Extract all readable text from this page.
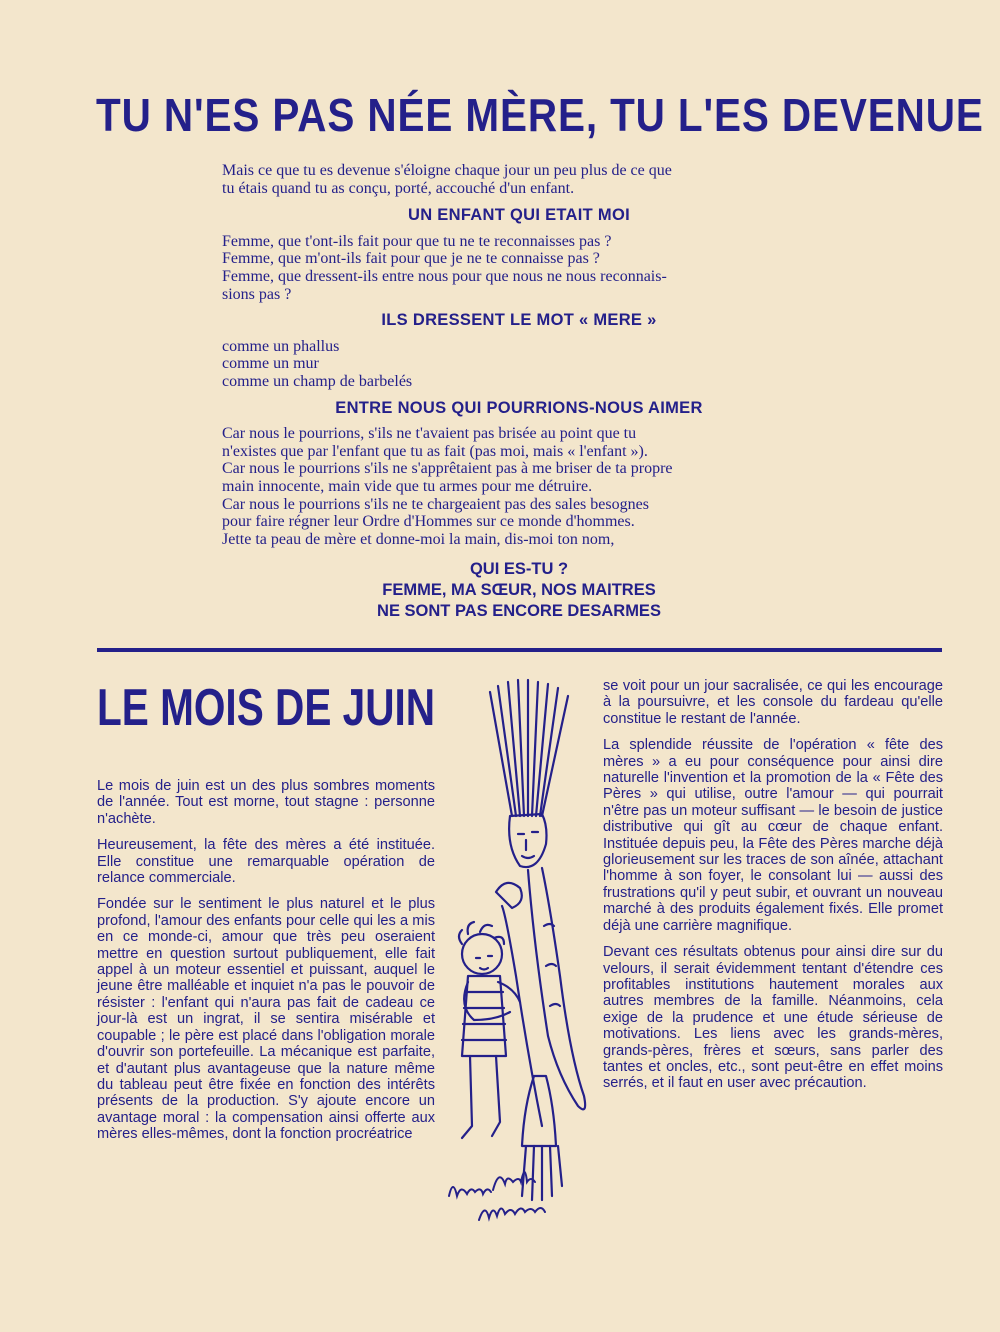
TU N'ES PAS NÉE MÈRE, TU L'ES DEVENUE

Mais ce que tu es devenue s'éloigne chaque jour un peu plus de ce que
tu étais quand tu as conçu, porté, accouché d'un enfant.

UN ENFANT QUI ETAIT MOI

Femme, que t'ont-ils fait pour que tu ne te reconnaisses pas ?
Femme, que m'ont-ils fait pour que je ne te connaisse pas ?
Femme, que dressent-ils entre nous pour que nous ne nous reconnais-
sions pas ?

ILS DRESSENT LE MOT « MERE »

comme un phallus
comme un mur
comme un champ de barbelés

ENTRE NOUS QUI POURRIONS-NOUS AIMER

Car nous le pourrions, s'ils ne t'avaient pas brisée au point que tu
n'existes que par l'enfant que tu as fait (pas moi, mais « l'enfant »).
Car nous le pourrions s'ils ne s'apprêtaient pas à me briser de ta propre
main innocente, main vide que tu armes pour me détruire.
Car nous le pourrions s'ils ne te chargeaient pas des sales besognes
pour faire régner leur Ordre d'Hommes sur ce monde d'hommes.
Jette ta peau de mère et donne-moi la main, dis-moi ton nom,

QUI ES-TU ?
FEMME, MA SŒUR, NOS MAITRES
NE SONT PAS ENCORE DESARMES
LE MOIS DE JUIN

Le mois de juin est un des plus sombres moments de l'année. Tout est morne, tout stagne : personne n'achète.

Heureusement, la fête des mères a été instituée. Elle constitue une remarquable opération de relance commerciale.

Fondée sur le sentiment le plus naturel et le plus profond, l'amour des enfants pour celle qui les a mis en ce monde-ci, amour que très peu oseraient mettre en question surtout publiquement, elle fait appel à un moteur essentiel et puissant, auquel le jeune être malléable et inquiet n'a pas le pouvoir de résister : l'enfant qui n'aura pas fait de cadeau ce jour-là est un ingrat, il se sentira misérable et coupable ; le père est placé dans l'obligation morale d'ouvrir son portefeuille. La mécanique est parfaite, et d'autant plus avantageuse que la nature même du tableau peut être fixée en fonction des intérêts présents de la production. S'y ajoute encore un avantage moral : la compensation ainsi offerte aux mères elles-mêmes, dont la fonction procréatrice

se voit pour un jour sacralisée, ce qui les encourage à la poursuivre, et les console du fardeau qu'elle constitue le restant de l'année.

La splendide réussite de l'opération « fête des mères » a eu pour conséquence pour ainsi dire naturelle l'invention et la promotion de la « Fête des Pères » qui utilise, outre l'amour — qui pourrait n'être pas un moteur suffisant — le besoin de justice distributive qui gît au cœur de chaque enfant. Instituée depuis peu, la Fête des Pères marche déjà glorieusement sur les traces de son aînée, attachant l'homme à son foyer, le consolant lui — aussi des frustrations qu'il y peut subir, et ouvrant un nouveau marché à des produits également fixés. Elle promet déjà une carrière magnifique.

Devant ces résultats obtenus pour ainsi dire sur du velours, il serait évidemment tentant d'étendre ces profitables institutions hautement morales aux autres membres de la famille. Néanmoins, cela exige de la prudence et une étude sérieuse de motivations. Les liens avec les grands-mères, grands-pères, frères et sœurs, sans parler des tantes et oncles, etc., sont peut-être en effet moins serrés, et il faut en user avec précaution.
